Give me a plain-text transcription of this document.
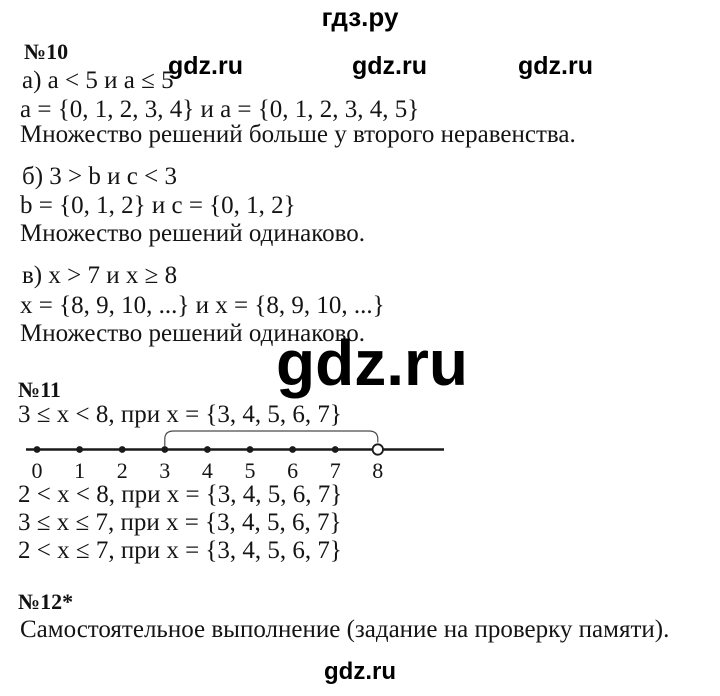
гдз.ру
gdz.ru	gdz.ru	gdz.ru
№10
а) a < 5 и a ≤ 5
a = {0, 1, 2, 3, 4} и a = {0, 1, 2, 3, 4, 5}
Множество решений больше у второго неравенства.
б) 3 > b и c < 3
b = {0, 1, 2} и c = {0, 1, 2}
Множество решений одинаково.
в) x > 7 и x ≥ 8
x = {8, 9, 10, ...} и x = {8, 9, 10, ...}
Множество решений одинаково.
gdz.ru
№11
3 ≤ x < 8, при x = {3, 4, 5, 6, 7}
0 1 2 3 4 5 6 7 8
2 < x < 8, при x = {3, 4, 5, 6, 7}
3 ≤ x ≤ 7, при x = {3, 4, 5, 6, 7}
2 < x ≤ 7, при x = {3, 4, 5, 6, 7}
№12*
Самостоятельное выполнение (задание на проверку памяти).
gdz.ru
